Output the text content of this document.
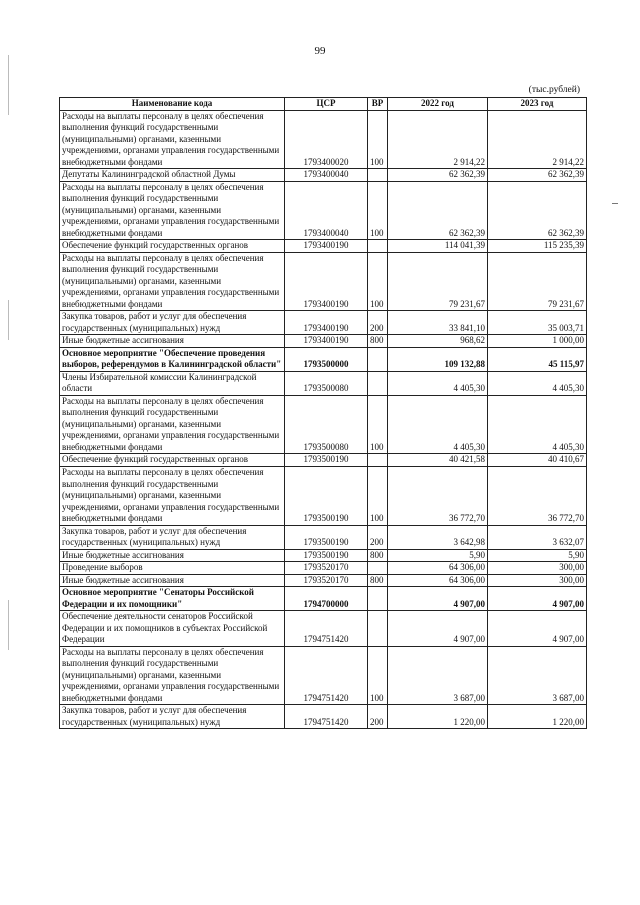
99
(тыс.рублей)
Наименование кода	ЦСР	ВР	2022 год	2023 год
Расходы на выплаты персоналу в целях обеспечения выполнения функций государственными (муниципальными) органами, казенными учреждениями, органами управления государственными внебюджетными фондами	1793400020	100	2 914,22	2 914,22
Депутаты Калининградской областной Думы	1793400040		62 362,39	62 362,39
Расходы на выплаты персоналу в целях обеспечения выполнения функций государственными (муниципальными) органами, казенными учреждениями, органами управления государственными внебюджетными фондами	1793400040	100	62 362,39	62 362,39
Обеспечение функций государственных органов	1793400190		114 041,39	115 235,39
Расходы на выплаты персоналу в целях обеспечения выполнения функций государственными (муниципальными) органами, казенными учреждениями, органами управления государственными внебюджетными фондами	1793400190	100	79 231,67	79 231,67
Закупка товаров, работ и услуг для обеспечения государственных (муниципальных) нужд	1793400190	200	33 841,10	35 003,71
Иные бюджетные ассигнования	1793400190	800	968,62	1 000,00
Основное мероприятие "Обеспечение проведения выборов, референдумов в Калининградской области"	1793500000		109 132,88	45 115,97
Члены Избирательной комиссии Калининградской области	1793500080		4 405,30	4 405,30
Расходы на выплаты персоналу в целях обеспечения выполнения функций государственными (муниципальными) органами, казенными учреждениями, органами управления государственными внебюджетными фондами	1793500080	100	4 405,30	4 405,30
Обеспечение функций государственных органов	1793500190		40 421,58	40 410,67
Расходы на выплаты персоналу в целях обеспечения выполнения функций государственными (муниципальными) органами, казенными учреждениями, органами управления государственными внебюджетными фондами	1793500190	100	36 772,70	36 772,70
Закупка товаров, работ и услуг для обеспечения государственных (муниципальных) нужд	1793500190	200	3 642,98	3 632,07
Иные бюджетные ассигнования	1793500190	800	5,90	5,90
Проведение выборов	1793520170		64 306,00	300,00
Иные бюджетные ассигнования	1793520170	800	64 306,00	300,00
Основное мероприятие "Сенаторы Российской Федерации и их помощники"	1794700000		4 907,00	4 907,00
Обеспечение деятельности сенаторов Российской Федерации и их помощников в субъектах Российской Федерации	1794751420		4 907,00	4 907,00
Расходы на выплаты персоналу в целях обеспечения выполнения функций государственными (муниципальными) органами, казенными учреждениями, органами управления государственными внебюджетными фондами	1794751420	100	3 687,00	3 687,00
Закупка товаров, работ и услуг для обеспечения государственных (муниципальных) нужд	1794751420	200	1 220,00	1 220,00
